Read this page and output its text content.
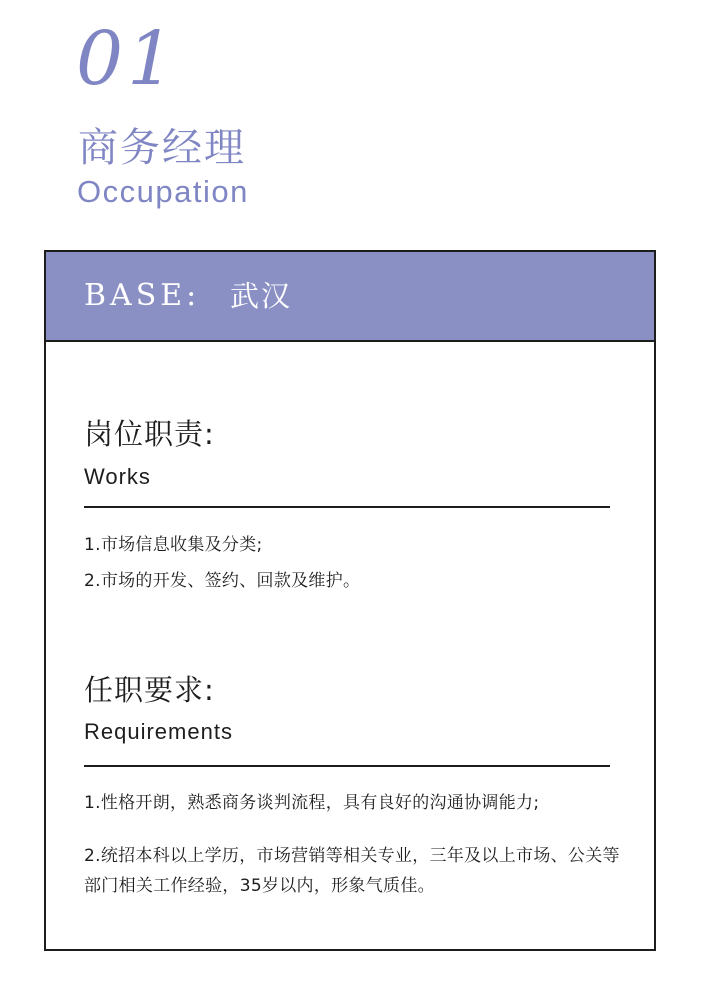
01
商务经理
Occupation
BASE: 武汉
岗位职责:
Works
1.市场信息收集及分类;
2.市场的开发、签约、回款及维护。
任职要求:
Requirements
1.性格开朗，熟悉商务谈判流程，具有良好的沟通协调能力;
2.统招本科以上学历，市场营销等相关专业，三年及以上市场、公关等部门相关工作经验，35岁以内，形象气质佳。
